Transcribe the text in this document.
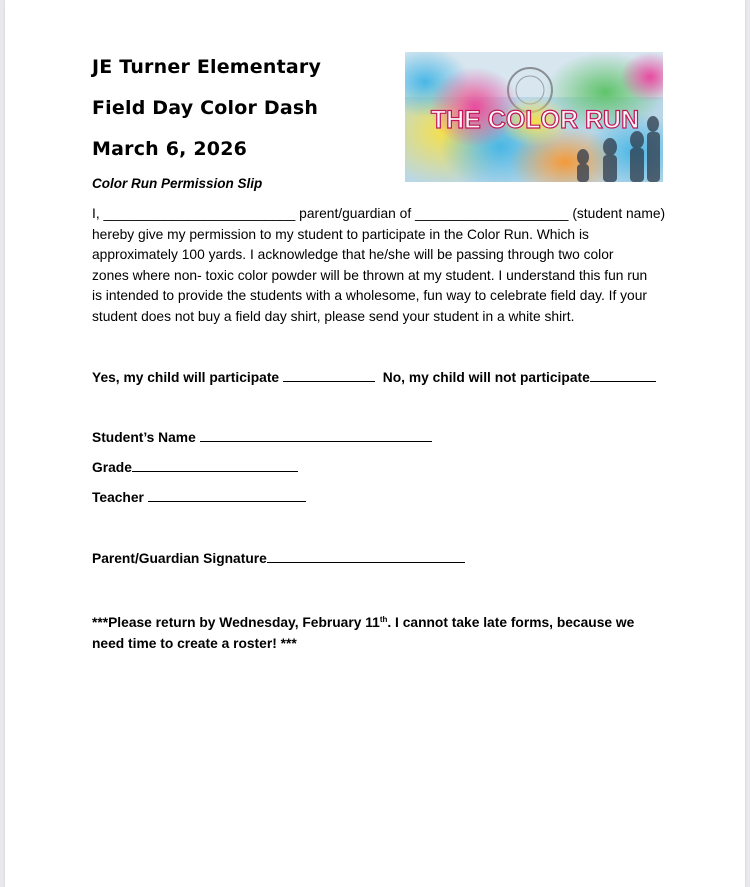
JE Turner Elementary
Field Day Color Dash
March 6, 2026
THE COLOR RUN
Color Run Permission Slip
I, _________________________ parent/guardian of ____________________ (student name)
hereby give my permission to my student to participate in the Color Run. Which is
approximately 100 yards. I acknowledge that he/she will be passing through two color
zones where non- toxic color powder will be thrown at my student. I understand this fun run
is intended to provide the students with a wholesome, fun way to celebrate field day. If your
student does not buy a field day shirt, please send your student in a white shirt.
Yes, my child will participate	No, my child will not participate
Student’s Name
Grade
Teacher
Parent/Guardian Signature
***Please return by Wednesday, February 11th. I cannot take late forms, because we
need time to create a roster! ***
